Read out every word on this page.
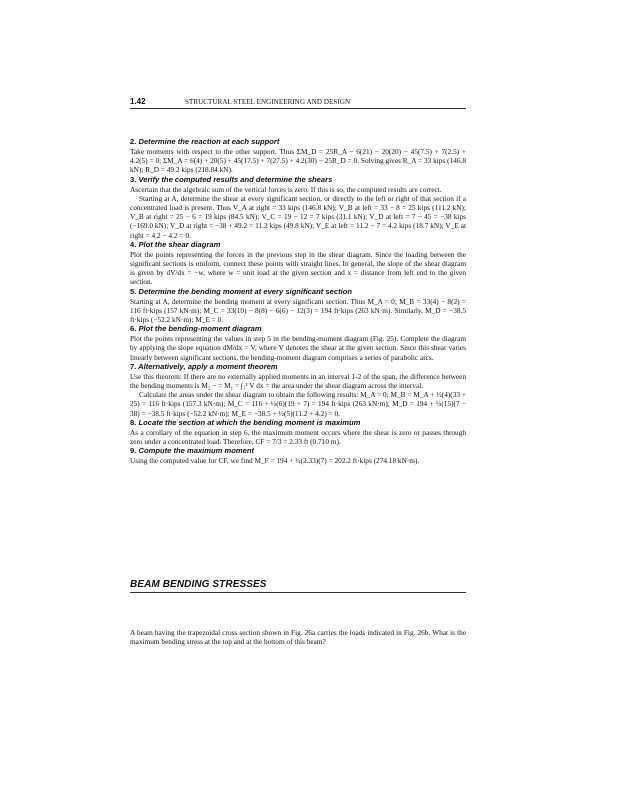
1.42	STRUCTURAL STEEL ENGINEERING AND DESIGN
2. Determine the reaction at each support

Take moments with respect to the other support. Thus ΣM_D = 25R_A − 6(21) − 20(20) − 45(7.5) + 7(2.5) + 4.2(5) = 0; ΣM_A = 6(4) + 20(5) + 45(17.5) + 7(27.5) + 4.2(30) − 25R_D = 0. Solving gives R_A = 33 kips (146.8 kN); R_D = 49.2 kips (218.84 kN).

3. Verify the computed results and determine the shears

Ascertain that the algebraic sum of the vertical forces is zero. If this is so, the computed results are correct.

Starting at A, determine the shear at every significant section, or directly to the left or right of that section if a concentrated load is present. Thus V_A at right = 33 kips (146.8 kN); V_B at left = 33 − 8 = 25 kips (111.2 kN); V_B at right = 25 − 6 = 19 kips (84.5 kN); V_C = 19 − 12 = 7 kips (31.1 kN); V_D at left = 7 − 45 = −38 kips (−169.0 kN); V_D at right = −38 + 49.2 = 11.2 kips (49.8 kN); V_E at left = 11.2 − 7 = 4.2 kips (18.7 kN); V_E at right = 4.2 − 4.2 = 0.

4. Plot the shear diagram

Plot the points representing the forces in the previous step in the shear diagram. Since the loading between the significant sections is uniform, connect these points with straight lines. In general, the slope of the shear diagram is given by dV/dx = −w, where w = unit load at the given section and x = distance from left end to the given section.

5. Determine the bending moment at every significant section

Starting at A, determine the bending moment at every significant section. Thus M_A = 0; M_B = 33(4) − 8(2) = 116 ft·kips (157 kN·m); M_C = 33(10) − 8(8) − 6(6) − 12(3) = 194 ft·kips (263 kN·m). Similarly, M_D = −38.5 ft·kips (−52.2 kN·m); M_E = 0.

6. Plot the bending-moment diagram

Plot the points representing the values in step 5 in the bending-moment diagram (Fig. 25). Complete the diagram by applying the slope equation dM/dx = V, where V denotes the shear at the given section. Since this shear varies linearly between significant sections, the bending-moment diagram comprises a series of parabolic arcs.

7. Alternatively, apply a moment theorem

Use this theorem: If there are no externally applied moments in an interval 1-2 of the span, the difference between the bending moments is M₂ − = M₁ = ∫₁² V dx = the area under the shear diagram across the interval.

Calculate the areas under the shear diagram to obtain the following results: M_A = 0; M_B = M_A + ½(4)(33 + 25) = 116 ft·kips (157.3 kN·m); M_C = 116 + ½(6)(19 + 7) = 194 ft·kips (263 kN·m); M_D = 194 + ½(15)(7 − 38) = −38.5 ft·kips (−52.2 kN·m); M_E = −38.5 + ½(5)(11.2 + 4.2) = 0.

8. Locate the section at which the bending moment is maximum

As a corollary of the equation in step 6, the maximum moment occurs where the shear is zero or passes through zero under a concentrated load. Therefore, CF = 7/3 = 2.33 ft (0.710 m).

9. Compute the maximum moment

Using the computed value for CF, we find M_F = 194 + ½(2.33)(7) = 202.2 ft·kips (274.18 kN·m).

BEAM BENDING STRESSES

A beam having the trapezoidal cross section shown in Fig. 26a carries the loads indicated in Fig. 26b. What is the maximum bending stress at the top and at the bottom of this beam?
